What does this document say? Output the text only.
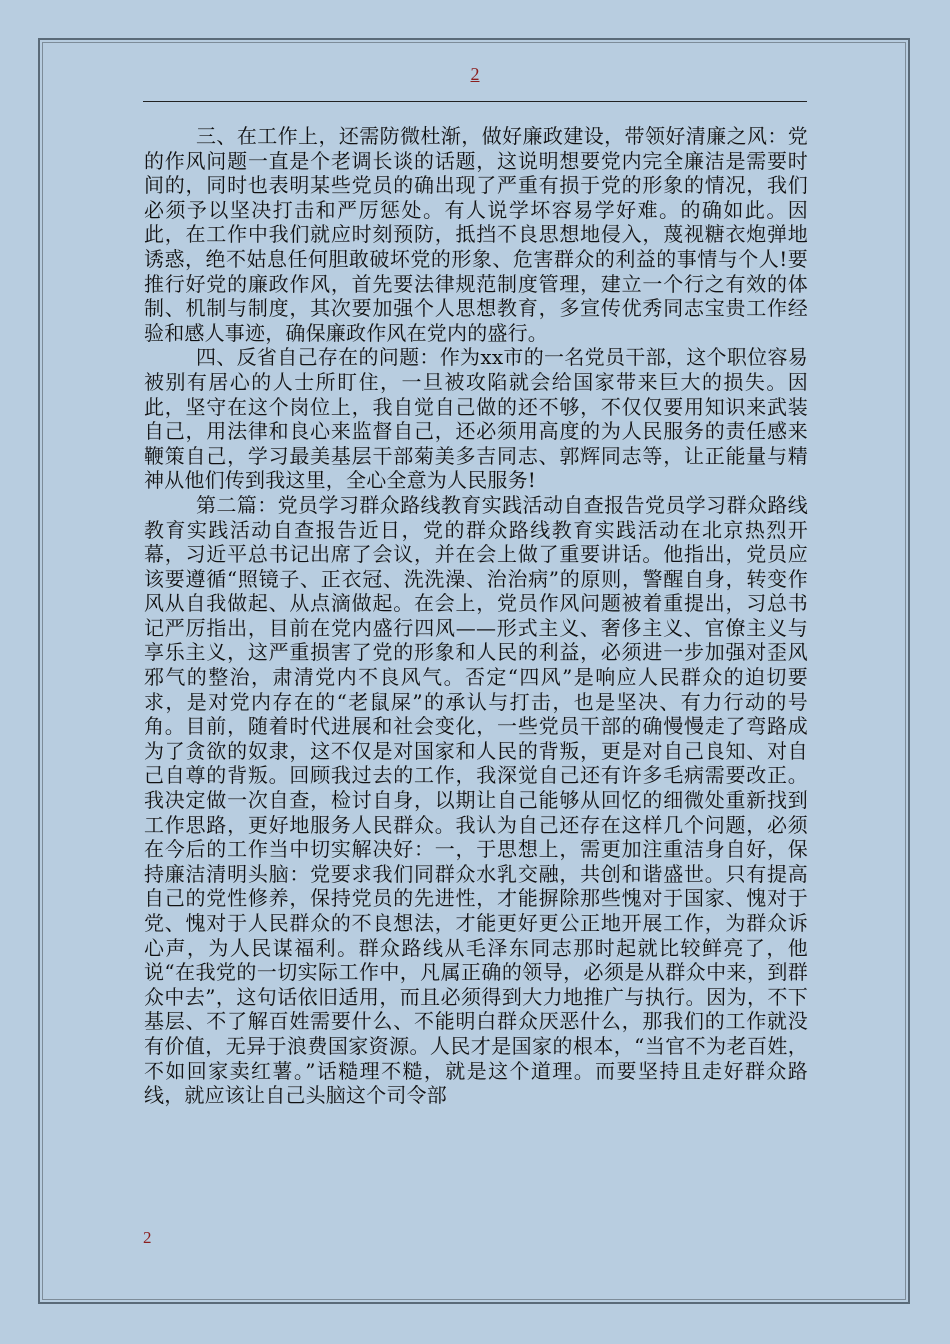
2

三、在工作上，还需防微杜渐，做好廉政建设，带领好清廉之风：党的作风问题一直是个老调长谈的话题，这说明想要党内完全廉洁是需要时间的，同时也表明某些党员的确出现了严重有损于党的形象的情况，我们必须予以坚决打击和严厉惩处。有人说学坏容易学好难。的确如此。因此，在工作中我们就应时刻预防，抵挡不良思想地侵入，蔑视糖衣炮弹地诱惑，绝不姑息任何胆敢破坏党的形象、危害群众的利益的事情与个人!要推行好党的廉政作风，首先要法律规范制度管理，建立一个行之有效的体制、机制与制度，其次要加强个人思想教育，多宣传优秀同志宝贵工作经验和感人事迹，确保廉政作风在党内的盛行。

四、反省自己存在的问题：作为xx市的一名党员干部，这个职位容易被别有居心的人士所盯住，一旦被攻陷就会给国家带来巨大的损失。因此，坚守在这个岗位上，我自觉自己做的还不够，不仅仅要用知识来武装自己，用法律和良心来监督自己，还必须用高度的为人民服务的责任感来鞭策自己，学习最美基层干部菊美多吉同志、郭辉同志等，让正能量与精神从他们传到我这里，全心全意为人民服务!

第二篇：党员学习群众路线教育实践活动自查报告党员学习群众路线教育实践活动自查报告近日，党的群众路线教育实践活动在北京热烈开幕，习近平总书记出席了会议，并在会上做了重要讲话。他指出，党员应该要遵循“照镜子、正衣冠、洗洗澡、治治病”的原则，警醒自身，转变作风从自我做起、从点滴做起。在会上，党员作风问题被着重提出，习总书记严厉指出，目前在党内盛行四风——形式主义、奢侈主义、官僚主义与享乐主义，这严重损害了党的形象和人民的利益，必须进一步加强对歪风邪气的整治，肃清党内不良风气。否定“四风”是响应人民群众的迫切要求，是对党内存在的“老鼠屎”的承认与打击，也是坚决、有力行动的号角。目前，随着时代进展和社会变化，一些党员干部的确慢慢走了弯路成为了贪欲的奴隶，这不仅是对国家和人民的背叛，更是对自己良知、对自己自尊的背叛。回顾我过去的工作，我深觉自己还有许多毛病需要改正。我决定做一次自查，检讨自身，以期让自己能够从回忆的细微处重新找到工作思路，更好地服务人民群众。我认为自己还存在这样几个问题，必须在今后的工作当中切实解决好：一，于思想上，需更加注重洁身自好，保持廉洁清明头脑：党要求我们同群众水乳交融，共创和谐盛世。只有提高自己的党性修养，保持党员的先进性，才能摒除那些愧对于国家、愧对于党、愧对于人民群众的不良想法，才能更好更公正地开展工作，为群众诉心声，为人民谋福利。群众路线从毛泽东同志那时起就比较鲜亮了，他说“在我党的一切实际工作中，凡属正确的领导，必须是从群众中来，到群众中去”，这句话依旧适用，而且必须得到大力地推广与执行。因为，不下基层、不了解百姓需要什么、不能明白群众厌恶什么，那我们的工作就没有价值，无异于浪费国家资源。人民才是国家的根本，“当官不为老百姓，不如回家卖红薯。”话糙理不糙，就是这个道理。而要坚持且走好群众路线，就应该让自己头脑这个司令部

2
